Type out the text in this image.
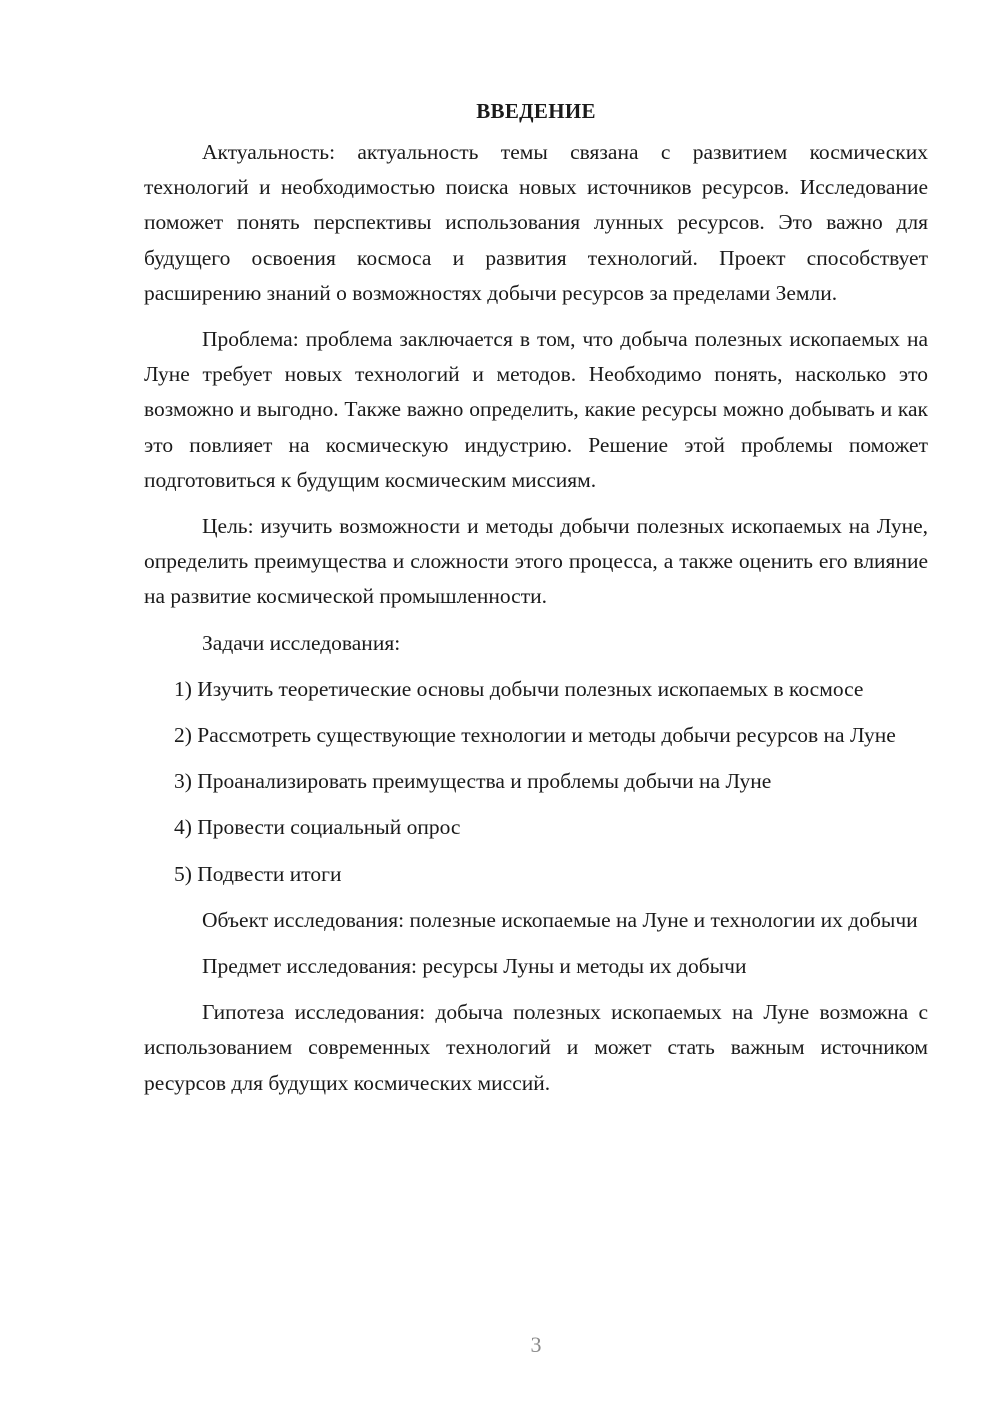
ВВЕДЕНИЕ

Актуальность: актуальность темы связана с развитием космических технологий и необходимостью поиска новых источников ресурсов. Исследование поможет понять перспективы использования лунных ресурсов. Это важно для будущего освоения космоса и развития технологий. Проект способствует расширению знаний о возможностях добычи ресурсов за пределами Земли.

Проблема: проблема заключается в том, что добыча полезных ископаемых на Луне требует новых технологий и методов. Необходимо понять, насколько это возможно и выгодно. Также важно определить, какие ресурсы можно добывать и как это повлияет на космическую индустрию. Решение этой проблемы поможет подготовиться к будущим космическим миссиям.

Цель: изучить возможности и методы добычи полезных ископаемых на Луне, определить преимущества и сложности этого процесса, а также оценить его влияние на развитие космической промышленности.

Задачи исследования:

1) Изучить теоретические основы добычи полезных ископаемых в космосе

2) Рассмотреть существующие технологии и методы добычи ресурсов на Луне

3) Проанализировать преимущества и проблемы добычи на Луне

4) Провести социальный опрос

5) Подвести итоги

Объект исследования: полезные ископаемые на Луне и технологии их добычи

Предмет исследования: ресурсы Луны и методы их добычи

Гипотеза исследования: добыча полезных ископаемых на Луне возможна с использованием современных технологий и может стать важным источником ресурсов для будущих космических миссий.

3
